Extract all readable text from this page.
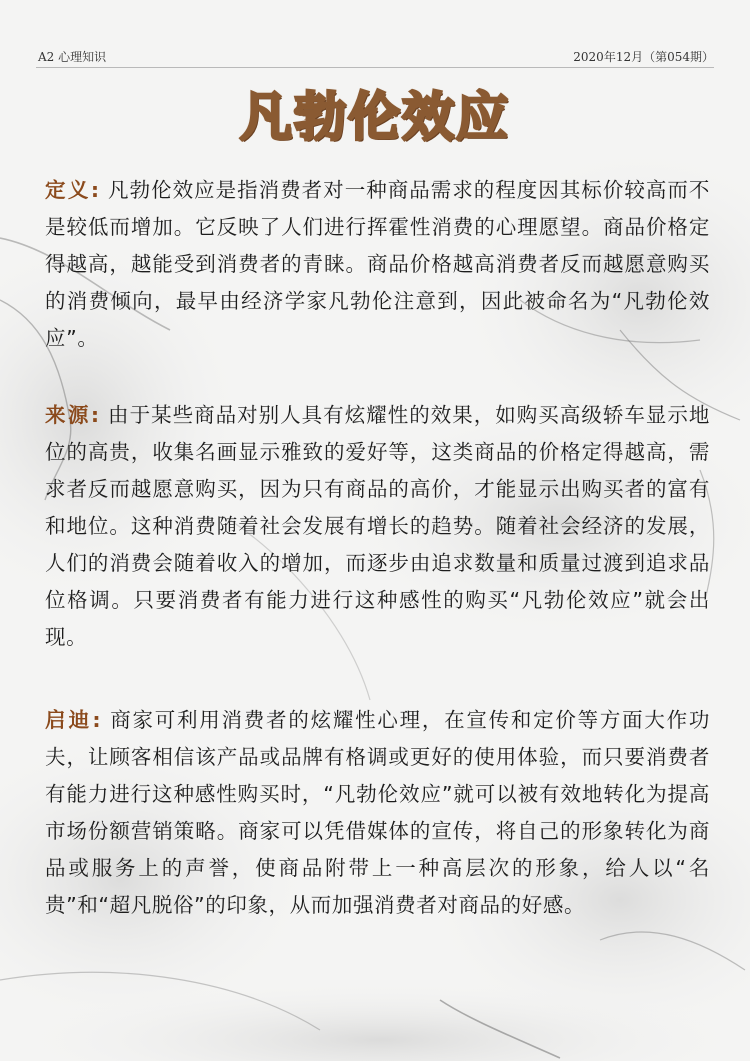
A2 心理知识	2020年12月（第054期）
凡勃伦效应
定义: 凡勃伦效应是指消费者对一种商品需求的程度因其标价较高而不是较低而增加。它反映了人们进行挥霍性消费的心理愿望。商品价格定得越高，越能受到消费者的青睐。商品价格越高消费者反而越愿意购买的消费倾向，最早由经济学家凡勃伦注意到，因此被命名为“凡勃伦效应”。
来源: 由于某些商品对别人具有炫耀性的效果，如购买高级轿车显示地位的高贵，收集名画显示雅致的爱好等，这类商品的价格定得越高，需求者反而越愿意购买，因为只有商品的高价，才能显示出购买者的富有和地位。这种消费随着社会发展有增长的趋势。随着社会经济的发展，人们的消费会随着收入的增加，而逐步由追求数量和质量过渡到追求品位格调。只要消费者有能力进行这种感性的购买“凡勃伦效应”就会出现。
启迪: 商家可利用消费者的炫耀性心理，在宣传和定价等方面大作功夫，让顾客相信该产品或品牌有格调或更好的使用体验，而只要消费者有能力进行这种感性购买时，“凡勃伦效应”就可以被有效地转化为提高市场份额营销策略。商家可以凭借媒体的宣传，将自己的形象转化为商品或服务上的声誉，使商品附带上一种高层次的形象，给人以“名贵”和“超凡脱俗”的印象，从而加强消费者对商品的好感。
